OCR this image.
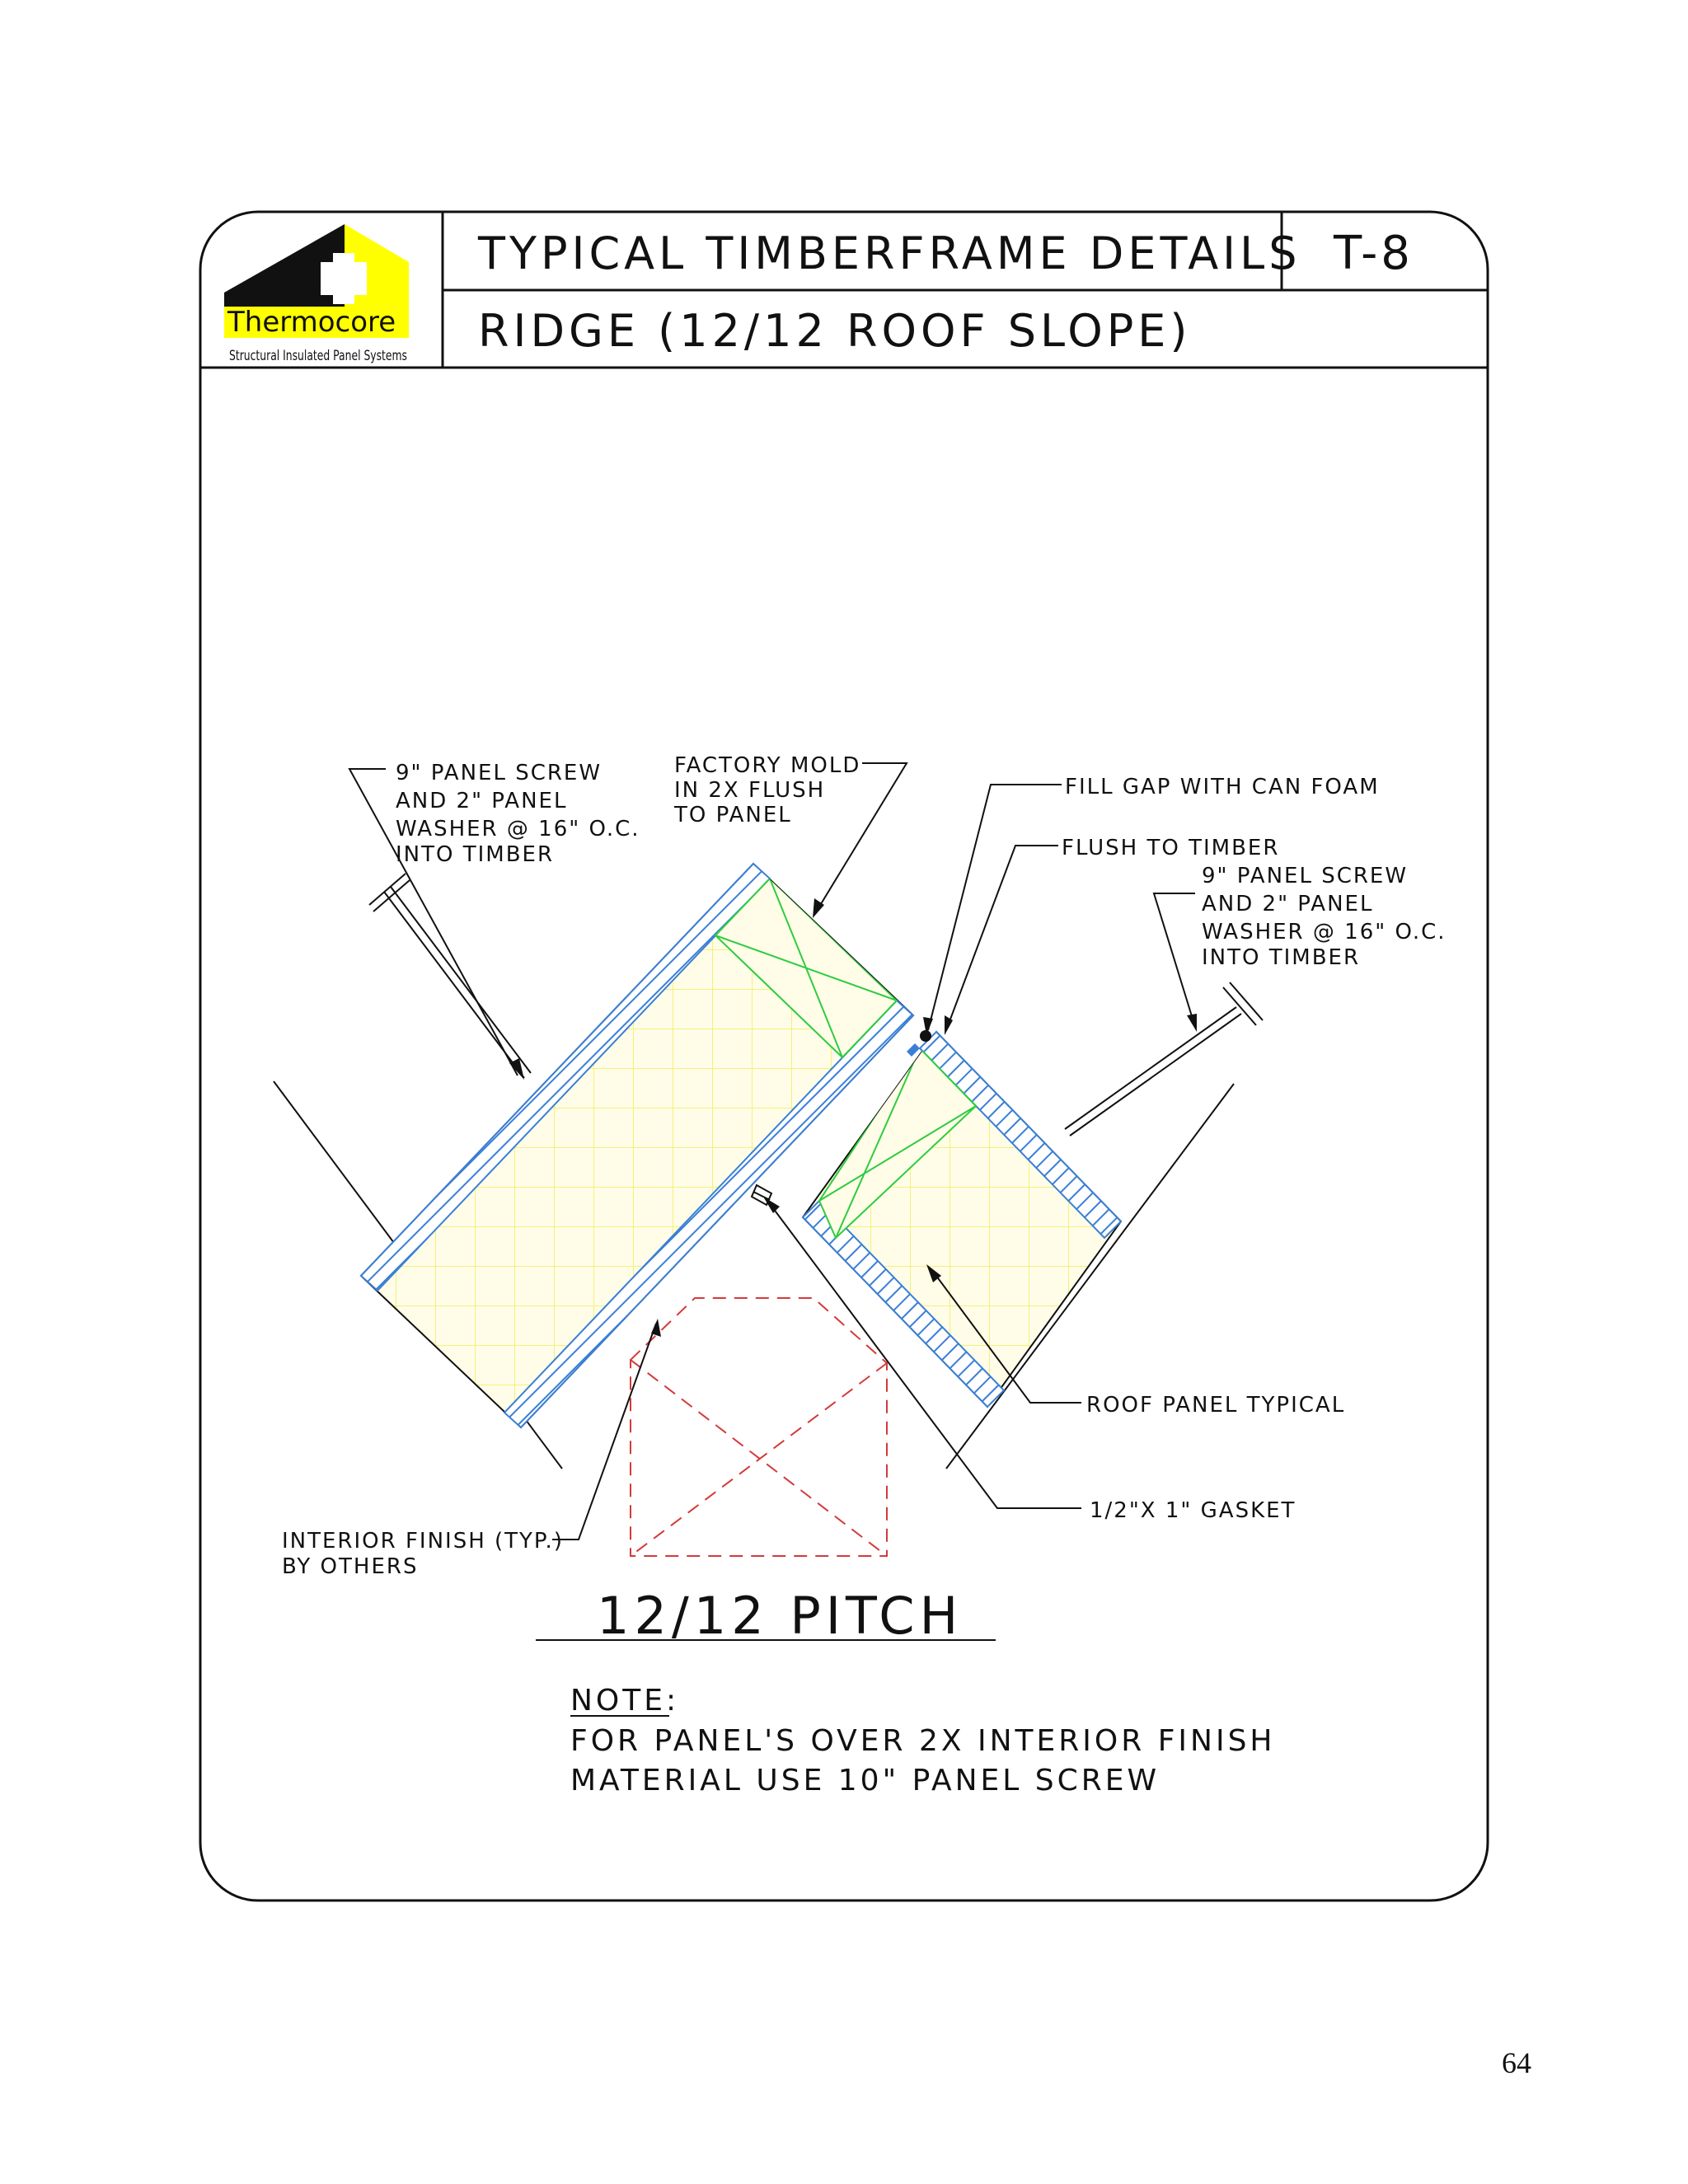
Thermocore
Structural Insulated Panel Systems
TYPICAL TIMBERFRAME DETAILS
RIDGE (12/12 ROOF SLOPE)
T-8
9" PANEL SCREW
AND 2" PANEL
WASHER @ 16" O.C.
INTO TIMBER
FACTORY MOLD
IN 2X FLUSH
TO PANEL
FILL GAP WITH CAN FOAM
FLUSH TO TIMBER
9" PANEL SCREW
AND 2" PANEL
WASHER @ 16" O.C.
INTO TIMBER
ROOF PANEL TYPICAL
1/2"X 1" GASKET
INTERIOR FINISH (TYP.)
BY OTHERS
12/12 PITCH
NOTE:
FOR PANEL'S OVER 2X INTERIOR FINISH
MATERIAL USE 10" PANEL SCREW
64
